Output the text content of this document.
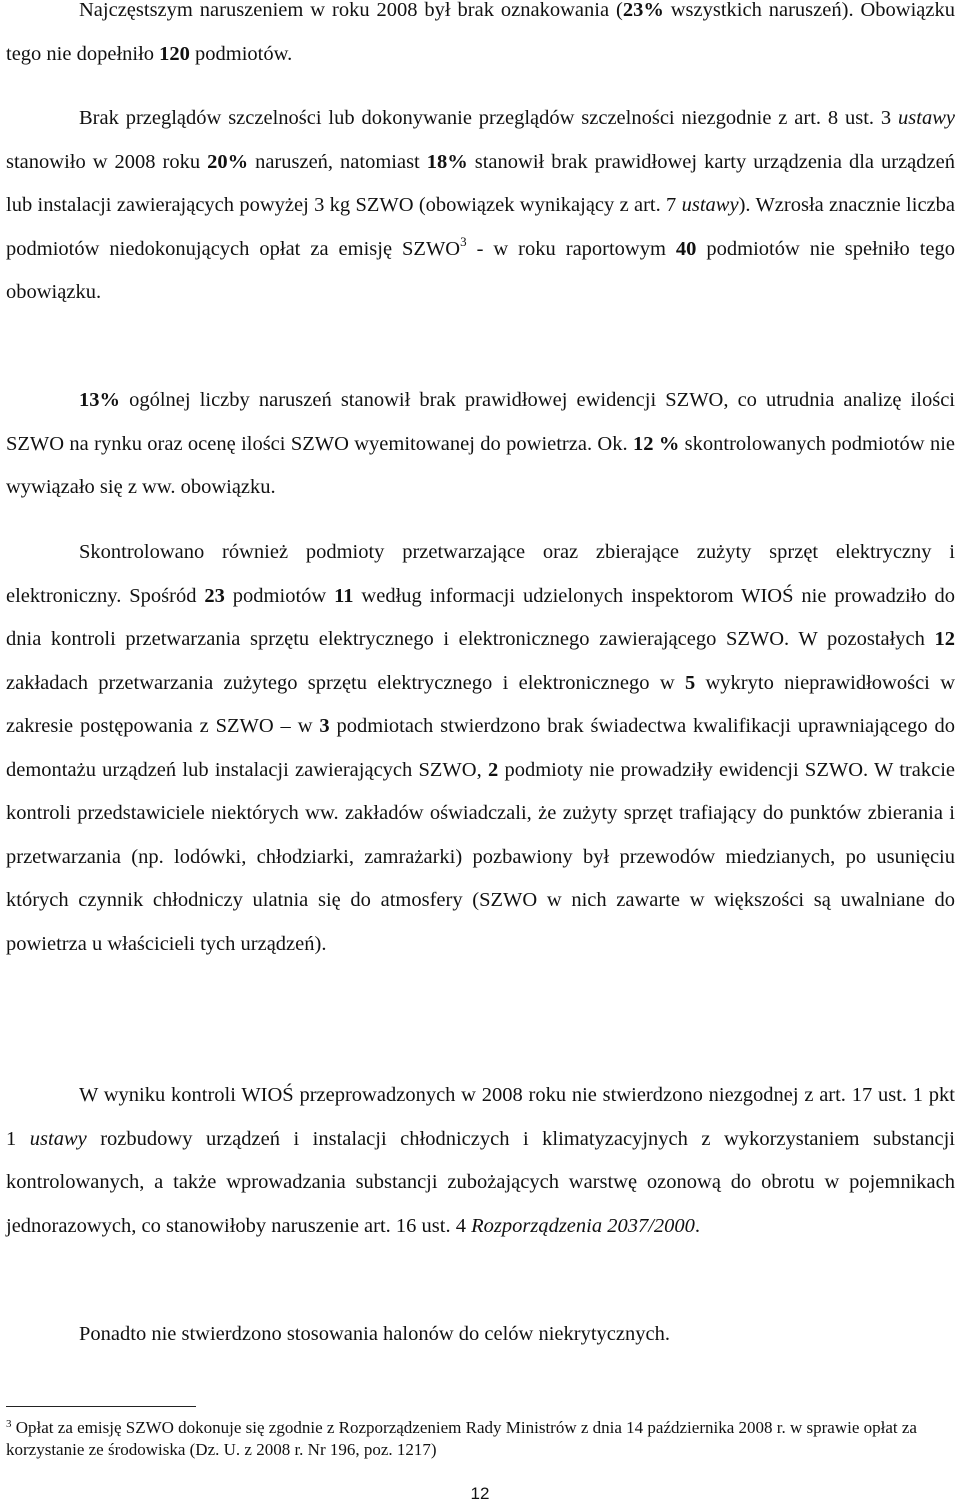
Najczęstszym naruszeniem w roku 2008 był brak oznakowania (23% wszystkich naruszeń). Obowiązku tego nie dopełniło 120 podmiotów.

Brak przeglądów szczelności lub dokonywanie przeglądów szczelności niezgodnie z art. 8 ust. 3 ustawy stanowiło w 2008 roku 20% naruszeń, natomiast 18% stanowił brak prawidłowej karty urządzenia dla urządzeń lub instalacji zawierających powyżej 3 kg SZWO (obowiązek wynikający z art. 7 ustawy). Wzrosła znacznie liczba podmiotów niedokonujących opłat za emisję SZWO$^3$ - w roku raportowym 40 podmiotów nie spełniło tego obowiązku.

13% ogólnej liczby naruszeń stanowił brak prawidłowej ewidencji SZWO, co utrudnia analizę ilości SZWO na rynku oraz ocenę ilości SZWO wyemitowanej do powietrza. Ok. 12 % skontrolowanych podmiotów nie wywiązało się z ww. obowiązku.

Skontrolowano również podmioty przetwarzające oraz zbierające zużyty sprzęt elektryczny i elektroniczny. Spośród 23 podmiotów 11 według informacji udzielonych inspektorom WIOŚ nie prowadziło do dnia kontroli przetwarzania sprzętu elektrycznego i elektronicznego zawierającego SZWO. W pozostałych 12 zakładach przetwarzania zużytego sprzętu elektrycznego i elektronicznego w 5 wykryto nieprawidłowości w zakresie postępowania z SZWO – w 3 podmiotach stwierdzono brak świadectwa kwalifikacji uprawniającego do demontażu urządzeń lub instalacji zawierających SZWO, 2 podmioty nie prowadziły ewidencji SZWO. W trakcie kontroli przedstawiciele niektórych ww. zakładów oświadczali, że zużyty sprzęt trafiający do punktów zbierania i przetwarzania (np. lodówki, chłodziarki, zamrażarki) pozbawiony był przewodów miedzianych, po usunięciu których czynnik chłodniczy ulatnia się do atmosfery (SZWO w nich zawarte w większości są uwalniane do powietrza u właścicieli tych urządzeń).

W wyniku kontroli WIOŚ przeprowadzonych w 2008 roku nie stwierdzono niezgodnej z art. 17 ust. 1 pkt 1 ustawy rozbudowy urządzeń i instalacji chłodniczych i klimatyzacyjnych z wykorzystaniem substancji kontrolowanych, a także wprowadzania substancji zubożających warstwę ozonową do obrotu w pojemnikach jednorazowych, co stanowiłoby naruszenie art. 16 ust. 4 Rozporządzenia 2037/2000.

Ponadto nie stwierdzono stosowania halonów do celów niekrytycznych.

$^3$ Opłat za emisję SZWO dokonuje się zgodnie z Rozporządzeniem Rady Ministrów z dnia 14 października 2008 r. w sprawie opłat za korzystanie ze środowiska (Dz. U. z 2008 r. Nr 196, poz. 1217)

12
